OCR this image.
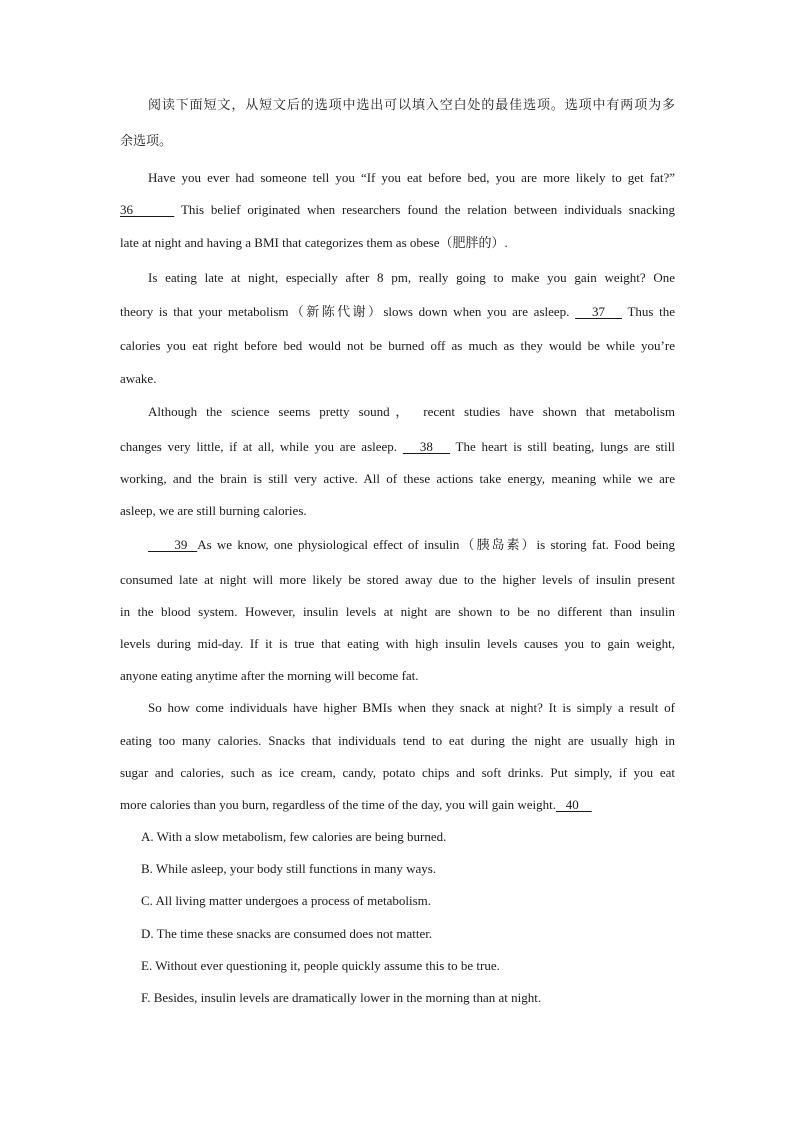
阅读下面短文，从短文后的选项中选出可以填入空白处的最佳选项。选项中有两项为多
余选项。
Have you ever had someone tell you “If you eat before bed, you are more likely to get fat?”
36       This belief originated when researchers found the relation between individuals snacking
late at night and having a BMI that categorizes them as obese（肥胖的）.
Is eating late at night, especially after 8 pm, really going to make you gain weight? One
theory is that your metabolism（新陈代谢）slows down when you are asleep.    37    Thus the
calories you eat right before bed would not be burned off as much as they would be while you’re
awake.
Although the science seems pretty sound， recent studies have shown that metabolism
changes very little, if at all, while you are asleep.    38    The heart is still beating, lungs are still
working, and the brain is still very active. All of these actions take energy, meaning while we are
asleep, we are still burning calories.
39  As we know, one physiological effect of insulin（胰岛素）is storing fat. Food being
consumed late at night will more likely be stored away due to the higher levels of insulin present
in the blood system. However, insulin levels at night are shown to be no different than insulin
levels during mid-day. If it is true that eating with high insulin levels causes you to gain weight,
anyone eating anytime after the morning will become fat.
So how come individuals have higher BMIs when they snack at night? It is simply a result of
eating too many calories. Snacks that individuals tend to eat during the night are usually high in
sugar and calories, such as ice cream, candy, potato chips and soft drinks. Put simply, if you eat
more calories than you burn, regardless of the time of the day, you will gain weight.   40
A. With a slow metabolism, few calories are being burned.
B. While asleep, your body still functions in many ways.
C. All living matter undergoes a process of metabolism.
D. The time these snacks are consumed does not matter.
E. Without ever questioning it, people quickly assume this to be true.
F. Besides, insulin levels are dramatically lower in the morning than at night.
